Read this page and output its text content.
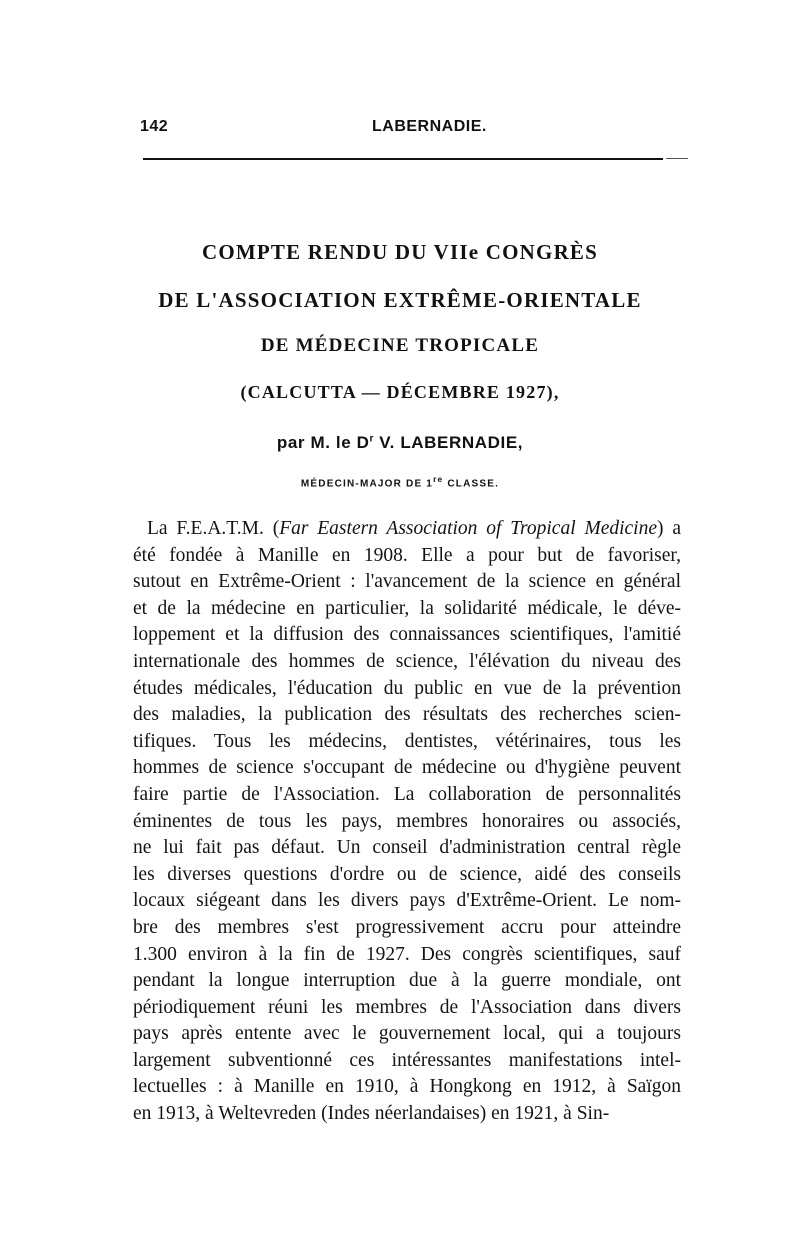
142	LABERNADIE.

COMPTE RENDU DU VIIe CONGRÈS

DE L'ASSOCIATION EXTRÊME-ORIENTALE

DE MÉDECINE TROPICALE

(CALCUTTA — DÉCEMBRE 1927),

par M. le $D^r$ V. LABERNADIE,

MÉDECIN-MAJOR DE 1re CLASSE.

La F.E.A.T.M. (Far Eastern Association of Tropical Medicine) a
été fondée à Manille en 1908. Elle a pour but de favoriser,
sutout en Extrême-Orient : l'avancement de la science en général
et de la médecine en particulier, la solidarité médicale, le déve-
loppement et la diffusion des connaissances scientifiques, l'amitié
internationale des hommes de science, l'élévation du niveau des
études médicales, l'éducation du public en vue de la prévention
des maladies, la publication des résultats des recherches scien-
tifiques. Tous les médecins, dentistes, vétérinaires, tous les
hommes de science s'occupant de médecine ou d'hygiène peuvent
faire partie de l'Association. La collaboration de personnalités
éminentes de tous les pays, membres honoraires ou associés,
ne lui fait pas défaut. Un conseil d'administration central règle
les diverses questions d'ordre ou de science, aidé des conseils
locaux siégeant dans les divers pays d'Extrême-Orient. Le nom-
bre des membres s'est progressivement accru pour atteindre
1.300 environ à la fin de 1927. Des congrès scientifiques, sauf
pendant la longue interruption due à la guerre mondiale, ont
périodiquement réuni les membres de l'Association dans divers
pays après entente avec le gouvernement local, qui a toujours
largement subventionné ces intéressantes manifestations intel-
lectuelles : à Manille en 1910, à Hongkong en 1912, à Saïgon
en 1913, à Weltevreden (Indes néerlandaises) en 1921, à Sin-
